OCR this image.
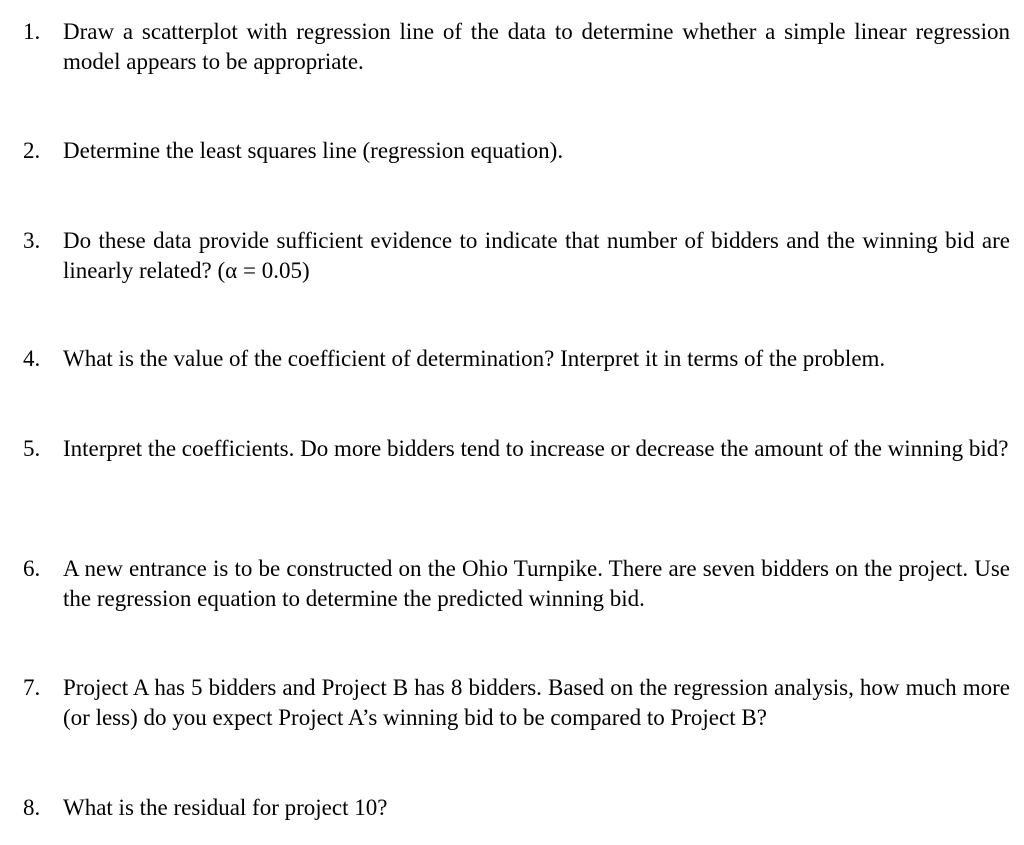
1. Draw a scatterplot with regression line of the data to determine whether a simple linear regression model appears to be appropriate.
2. Determine the least squares line (regression equation).
3. Do these data provide sufficient evidence to indicate that number of bidders and the winning bid are linearly related? (α = 0.05)
4. What is the value of the coefficient of determination? Interpret it in terms of the problem.
5. Interpret the coefficients. Do more bidders tend to increase or decrease the amount of the winning bid?
6. A new entrance is to be constructed on the Ohio Turnpike. There are seven bidders on the project. Use the regression equation to determine the predicted winning bid.
7. Project A has 5 bidders and Project B has 8 bidders. Based on the regression analysis, how much more (or less) do you expect Project A’s winning bid to be compared to Project B?
8. What is the residual for project 10?
